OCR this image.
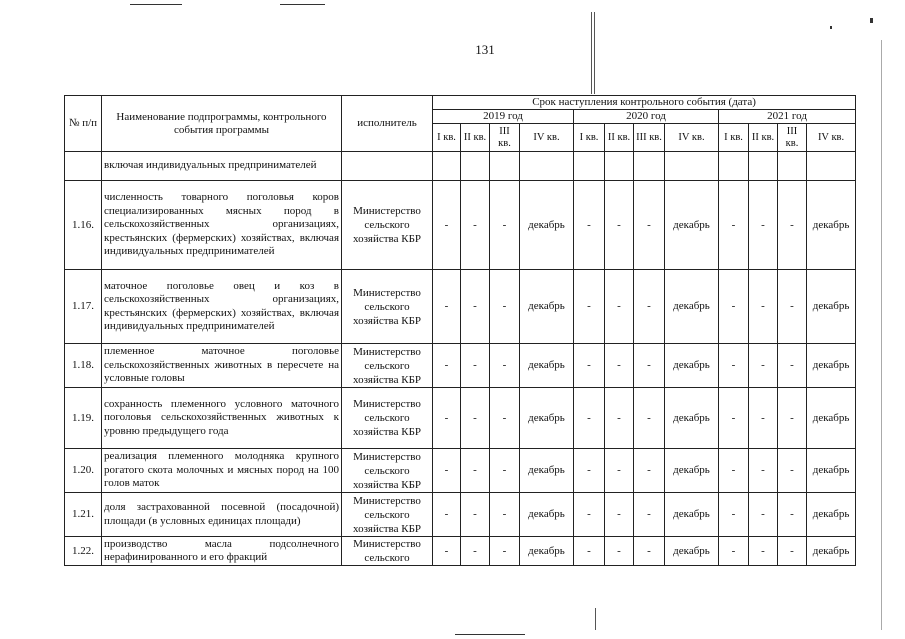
131
№ п/п	Наименование подпрограммы, контрольного события программы	исполнитель	Срок наступления контрольного события (дата)											
			2019 год				2020 год				2021 год			
			I кв.	II кв.	III кв.	IV кв.	I кв.	II кв.	III кв.	IV кв.	I кв.	II кв.	III кв.	IV кв.
	включая индивидуальных предпринимателей													
1.16.	численность товарного поголовья коров специализированных мясных пород в сельскохозяйственных организациях, крестьянских (фермерских) хозяйствах, включая индивидуальных предпринимателей	Министерство сельского хозяйства КБР	-	-	-	декабрь	-	-	-	декабрь	-	-	-	декабрь
1.17.	маточное поголовье овец и коз в сельскохозяйственных организациях, крестьянских (фермерских) хозяйствах, включая индивидуальных предпринимателей	Министерство сельского хозяйства КБР	-	-	-	декабрь	-	-	-	декабрь	-	-	-	декабрь
1.18.	племенное маточное поголовье сельскохозяйственных животных в пересчете на условные головы	Министерство сельского хозяйства КБР	-	-	-	декабрь	-	-	-	декабрь	-	-	-	декабрь
1.19.	сохранность племенного условного маточного поголовья сельскохозяйственных животных к уровню предыдущего года	Министерство сельского хозяйства КБР	-	-	-	декабрь	-	-	-	декабрь	-	-	-	декабрь
1.20.	реализация племенного молодняка крупного рогатого скота молочных и мясных пород на 100 голов маток	Министерство сельского хозяйства КБР	-	-	-	декабрь	-	-	-	декабрь	-	-	-	декабрь
1.21.	доля застрахованной посевной (посадочной) площади (в условных единицах площади)	Министерство сельского хозяйства КБР	-	-	-	декабрь	-	-	-	декабрь	-	-	-	декабрь
1.22.	производство масла подсолнечного нерафинированного и его фракций	Министерство сельского	-	-	-	декабрь	-	-	-	декабрь	-	-	-	декабрь
